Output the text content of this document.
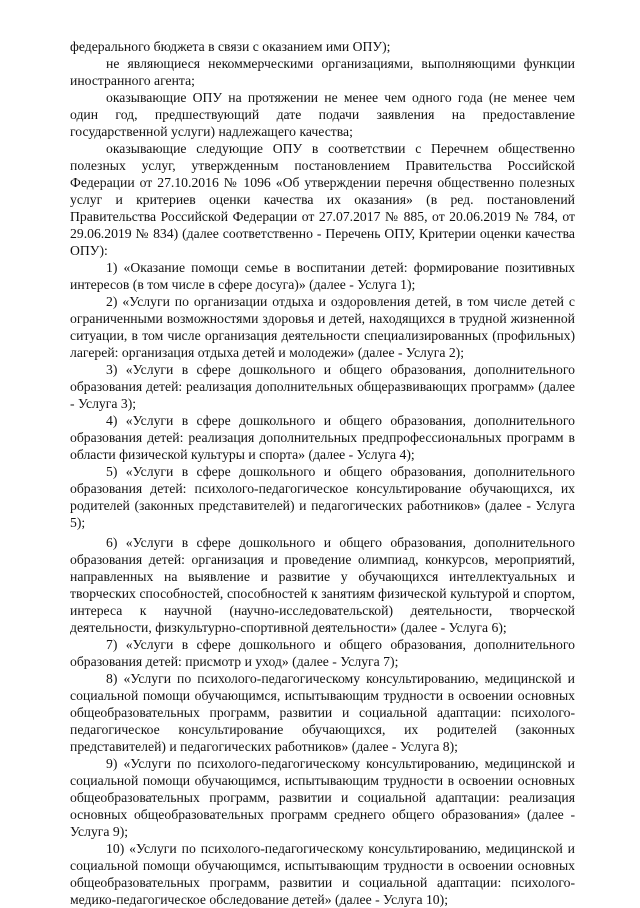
федерального бюджета в связи с оказанием ими ОПУ);

не являющиеся некоммерческими организациями, выполняющими функции иностранного агента;

оказывающие ОПУ на протяжении не менее чем одного года (не менее чем один год, предшествующий дате подачи заявления на предоставление государственной услуги) надлежащего качества;

оказывающие следующие ОПУ в соответствии с Перечнем общественно полезных услуг, утвержденным постановлением Правительства Российской Федерации от 27.10.2016 № 1096 «Об утверждении перечня общественно полезных услуг и критериев оценки качества их оказания» (в ред. постановлений Правительства Российской Федерации от 27.07.2017 № 885, от 20.06.2019 № 784, от 29.06.2019 № 834) (далее соответственно - Перечень ОПУ, Критерии оценки качества ОПУ):

1) «Оказание помощи семье в воспитании детей: формирование позитивных интересов (в том числе в сфере досуга)» (далее - Услуга 1);

2) «Услуги по организации отдыха и оздоровления детей, в том числе детей с ограниченными возможностями здоровья и детей, находящихся в трудной жизненной ситуации, в том числе организация деятельности специализированных (профильных) лагерей: организация отдыха детей и молодежи» (далее - Услуга 2);

3) «Услуги в сфере дошкольного и общего образования, дополнительного образования детей: реализация дополнительных общеразвивающих программ» (далее - Услуга 3);

4) «Услуги в сфере дошкольного и общего образования, дополнительного образования детей: реализация дополнительных предпрофессиональных программ в области физической культуры и спорта» (далее - Услуга 4);

5) «Услуги в сфере дошкольного и общего образования, дополнительного образования детей: психолого-педагогическое консультирование обучающихся, их родителей (законных представителей) и педагогических работников» (далее - Услуга 5);

6) «Услуги в сфере дошкольного и общего образования, дополнительного образования детей: организация и проведение олимпиад, конкурсов, мероприятий, направленных на выявление и развитие у обучающихся интеллектуальных и творческих способностей, способностей к занятиям физической культурой и спортом, интереса к научной (научно-исследовательской) деятельности, творческой деятельности, физкультурно-спортивной деятельности» (далее - Услуга 6);

7) «Услуги в сфере дошкольного и общего образования, дополнительного образования детей: присмотр и уход» (далее - Услуга 7);

8) «Услуги по психолого-педагогическому консультированию, медицинской и социальной помощи обучающимся, испытывающим трудности в освоении основных общеобразовательных программ, развитии и социальной адаптации: психолого-педагогическое консультирование обучающихся, их родителей (законных представителей) и педагогических работников» (далее - Услуга 8);

9) «Услуги по психолого-педагогическому консультированию, медицинской и социальной помощи обучающимся, испытывающим трудности в освоении основных общеобразовательных программ, развитии и социальной адаптации: реализация основных общеобразовательных программ среднего общего образования» (далее - Услуга 9);

10) «Услуги по психолого-педагогическому консультированию, медицинской и социальной помощи обучающимся, испытывающим трудности в освоении основных общеобразовательных программ, развитии и социальной адаптации: психолого-медико-педагогическое обследование детей» (далее - Услуга 10);
